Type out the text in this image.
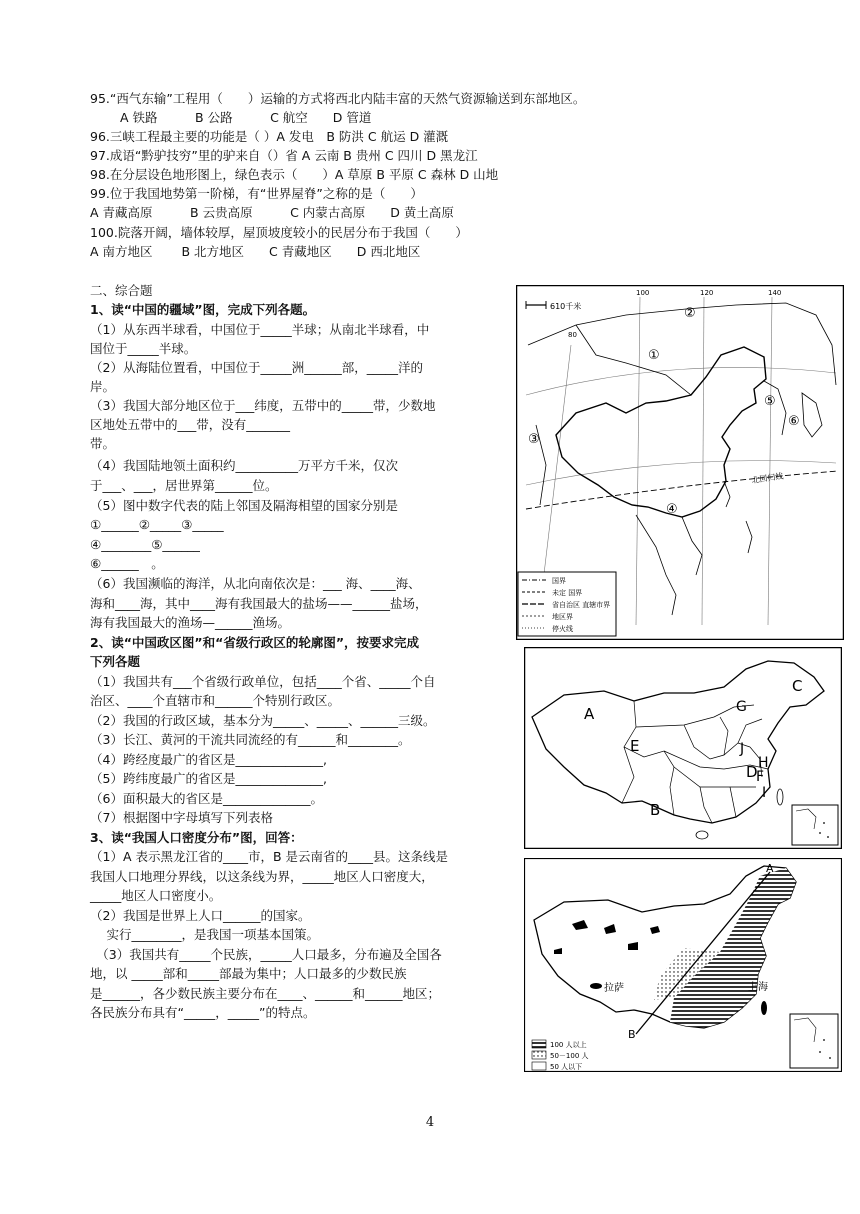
95.“西气东输”工程用（　　）运输的方式将西北内陆丰富的天然气资源输送到东部地区。
A 铁路　　　B 公路　　　C 航空　　D 管道
96.三峡工程最主要的功能是（ ）A 发电　B 防洪 C 航运 D 灌溉
97.成语“黔驴技穷”里的驴来自（）省 A 云南 B 贵州 C 四川 D 黑龙江
98.在分层设色地形图上，绿色表示（　　）A 草原 B 平原 C 森林 D 山地
99.位于我国地势第一阶梯，有“世界屋脊”之称的是（　　）
A 青藏高原　　　B 云贵高原　　　C 内蒙古高原　　D 黄土高原
100.院落开阔，墙体较厚，屋顶坡度较小的民居分布于我国（　　）
A 南方地区　　 B 北方地区　　C 青藏地区　　D 西北地区
二、综合题
1、读“中国的疆域”图，完成下列各题。
（1）从东西半球看，中国位于_____半球；从南北半球看，中
国位于_____半球。
（2）从海陆位置看，中国位于_____洲______部，_____洋的
岸。
（3）我国大部分地区位于___纬度，五带中的_____带，少数地
区地处五带中的___带，没有_______
带。
（4）我国陆地领土面积约__________万平方千米，仅次
于___、___，居世界第______位。
（5）图中数字代表的陆上邻国及隔海相望的国家分别是
①______②_____③_____
④________⑤______
⑥______　。
（6）我国濒临的海洋，从北向南依次是：___ 海、____海、
海和____海，其中____海有我国最大的盐场——______盐场，
海有我国最大的渔场—______渔场。
2、读“中国政区图”和“省级行政区的轮廓图”，按要求完成
下列各题
（1）我国共有___个省级行政单位，包括____个省、_____个自
治区、____个直辖市和______个特别行政区。
（2）我国的行政区域，基本分为_____、_____、______三级。
（3）长江、黄河的干流共同流经的有______和________。
（4）跨经度最广的省区是______________,
（5）跨纬度最广的省区是______________,
（6）面积最大的省区是______________。
（7）根据图中字母填写下列表格
3、读“我国人口密度分布”图，回答：
（1）A 表示黑龙江省的____市，B 是云南省的____县。这条线是
我国人口地理分界线，以这条线为界，_____地区人口密度大，
_____地区人口密度小。
（2）我国是世界上人口______的国家。
　 实行________，是我国一项基本国策。
　（3）我国共有_____个民族，_____人口最多，分布遍及全国各
地，以 _____部和_____部最为集中；人口最多的少数民族
是______，各少数民族主要分布在____、______和______地区；
各民族分布具有“_____，_____”的特点。
610千米
100	120	140
80
北回归线
①
②
③
④
⑤
⑥
国界
未定 国界
省自治区 直辖市界
地区界
停火线
A
B
C
D
E
F
G
H
I
J
A
B
拉萨	上海
100 人以上
50－100 人
50 人以下
4
